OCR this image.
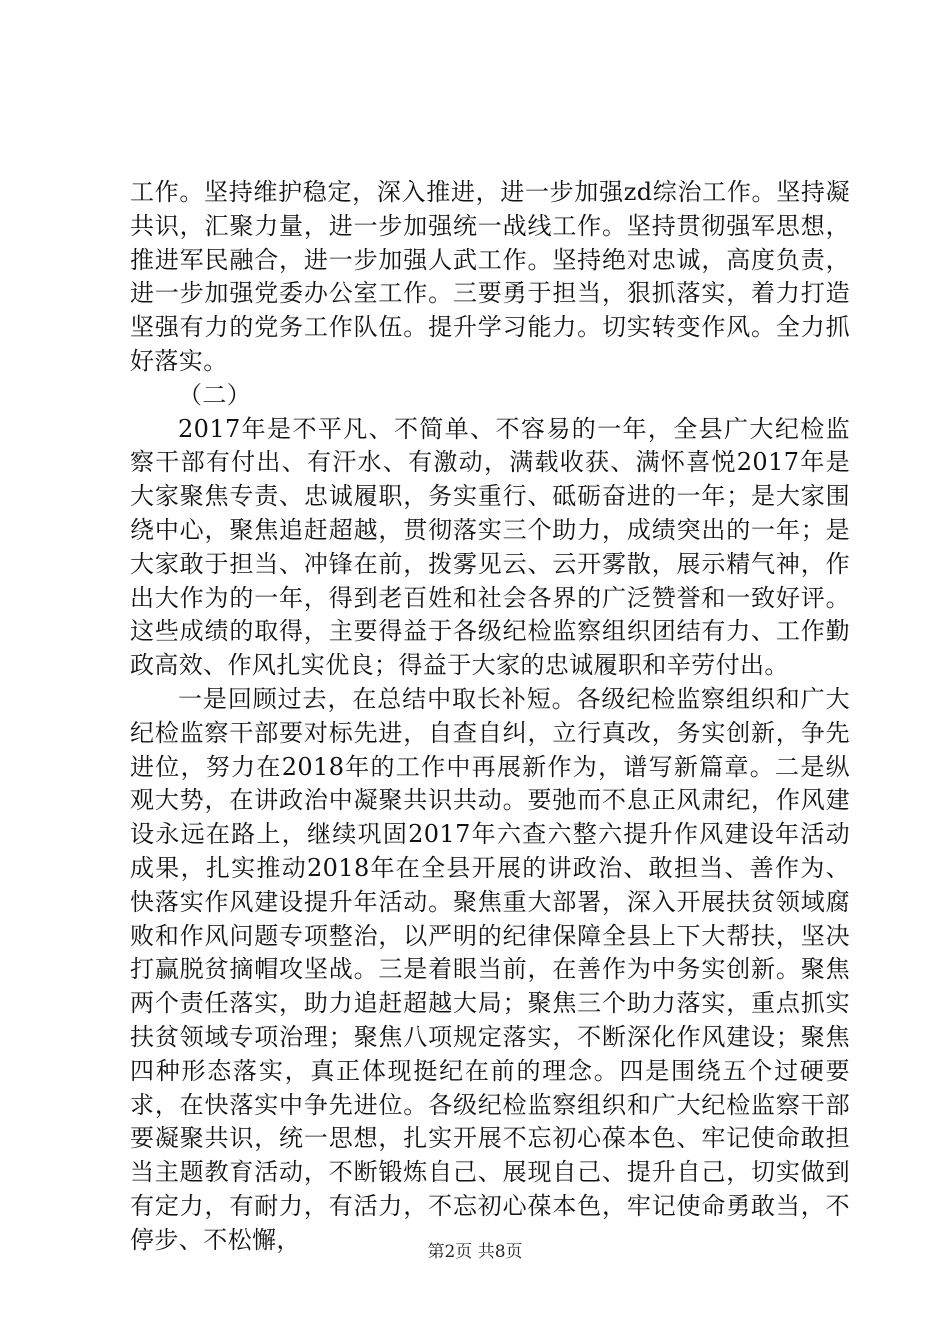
工作。坚持维护稳定，深入推进，进一步加强zd综治工作。坚持凝共识，汇聚力量，进一步加强统一战线工作。坚持贯彻强军思想，推进军民融合，进一步加强人武工作。坚持绝对忠诚，高度负责，进一步加强党委办公室工作。三要勇于担当，狠抓落实，着力打造坚强有力的党务工作队伍。提升学习能力。切实转变作风。全力抓好落实。

（二）

2017年是不平凡、不简单、不容易的一年，全县广大纪检监察干部有付出、有汗水、有激动，满载收获、满怀喜悦2017年是大家聚焦专责、忠诚履职，务实重行、砥砺奋进的一年；是大家围绕中心，聚焦追赶超越，贯彻落实三个助力，成绩突出的一年；是大家敢于担当、冲锋在前，拨雾见云、云开雾散，展示精气神，作出大作为的一年，得到老百姓和社会各界的广泛赞誉和一致好评。这些成绩的取得，主要得益于各级纪检监察组织团结有力、工作勤政高效、作风扎实优良；得益于大家的忠诚履职和辛劳付出。

一是回顾过去，在总结中取长补短。各级纪检监察组织和广大纪检监察干部要对标先进，自查自纠，立行真改，务实创新，争先进位，努力在2018年的工作中再展新作为，谱写新篇章。二是纵观大势，在讲政治中凝聚共识共动。要弛而不息正风肃纪，作风建设永远在路上，继续巩固2017年六查六整六提升作风建设年活动成果，扎实推动2018年在全县开展的讲政治、敢担当、善作为、快落实作风建设提升年活动。聚焦重大部署，深入开展扶贫领域腐败和作风问题专项整治，以严明的纪律保障全县上下大帮扶，坚决打赢脱贫摘帽攻坚战。三是着眼当前，在善作为中务实创新。聚焦两个责任落实，助力追赶超越大局；聚焦三个助力落实，重点抓实扶贫领域专项治理；聚焦八项规定落实，不断深化作风建设；聚焦四种形态落实，真正体现挺纪在前的理念。四是围绕五个过硬要求，在快落实中争先进位。各级纪检监察组织和广大纪检监察干部要凝聚共识，统一思想，扎实开展不忘初心葆本色、牢记使命敢担当主题教育活动，不断锻炼自己、展现自己、提升自己，切实做到有定力，有耐力，有活力，不忘初心葆本色，牢记使命勇敢当，不停步、不松懈，	第2页 共8页
